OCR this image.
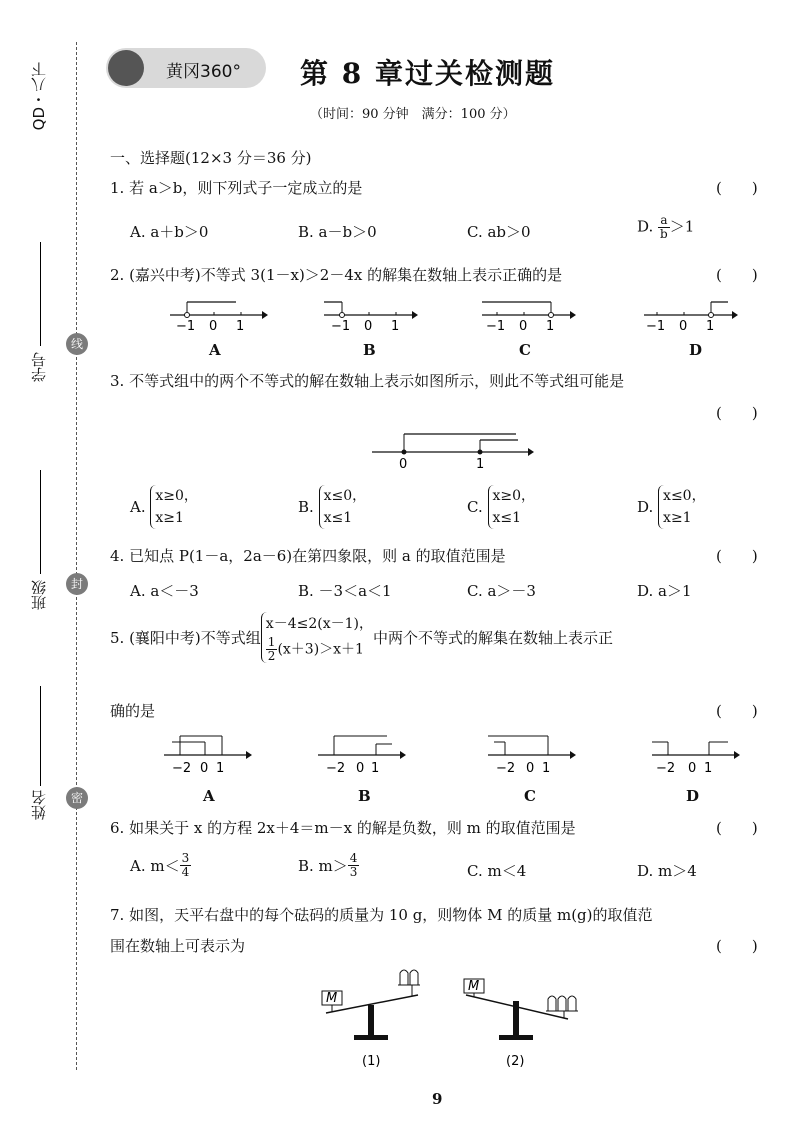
QD・八下
学号
班级
姓名
线
封
密
黄冈360° 第 8 章过关检测题
（时间：90 分钟　满分：100 分）
一、选择题(12×3 分＝36 分)
1. 若 a＞b，则下列式子一定成立的是	(　　)
A. a＋b＞0	B. a－b＞0	C. ab＞0	D. $\frac{a}{b} >1$
2. (嘉兴中考)不等式 3(1－x)＞2－4x 的解集在数轴上表示正确的是	(　　)
−1 0 1	−1 0 1	−1 0 1	−1 0 1
A	B	C	D
3. 不等式组中的两个不等式的解在数轴上表示如图所示，则此不等式组可能是
(　　)
0	1
A. x≥0，
x≥1
B. x≤0，
x≤1
C. x≥0，
x≤1
D. x≤0，
x≥1
4. 已知点 P(1－a，2a－6)在第四象限，则 a 的取值范围是	(　　)
A. a＜－3	B. －3＜a＜1	C. a＞－3	D. a＞1
5. (襄阳中考)不等式组x－4≤2(x－1)，

$\frac{1}{2} (x+3)>x+1$中两个不等式的解集在数轴上表示正
确的是	(　　)
−2 0 1	−2 0 1	−2 0 1	−2 0 1
A	B	C	D
6. 如果关于 x 的方程 2x＋4＝m－x 的解是负数，则 m 的取值范围是	(　　)
A. $m< \frac{3}{4}$	B. $m> \frac{4}{3}$	C. m＜4	D. m＞4
7. 如图，天平右盘中的每个砝码的质量为 10 g，则物体 M 的质量 m(g)的取值范
围在数轴上可表示为	(　　)
M
(1)
M
(2)
9
